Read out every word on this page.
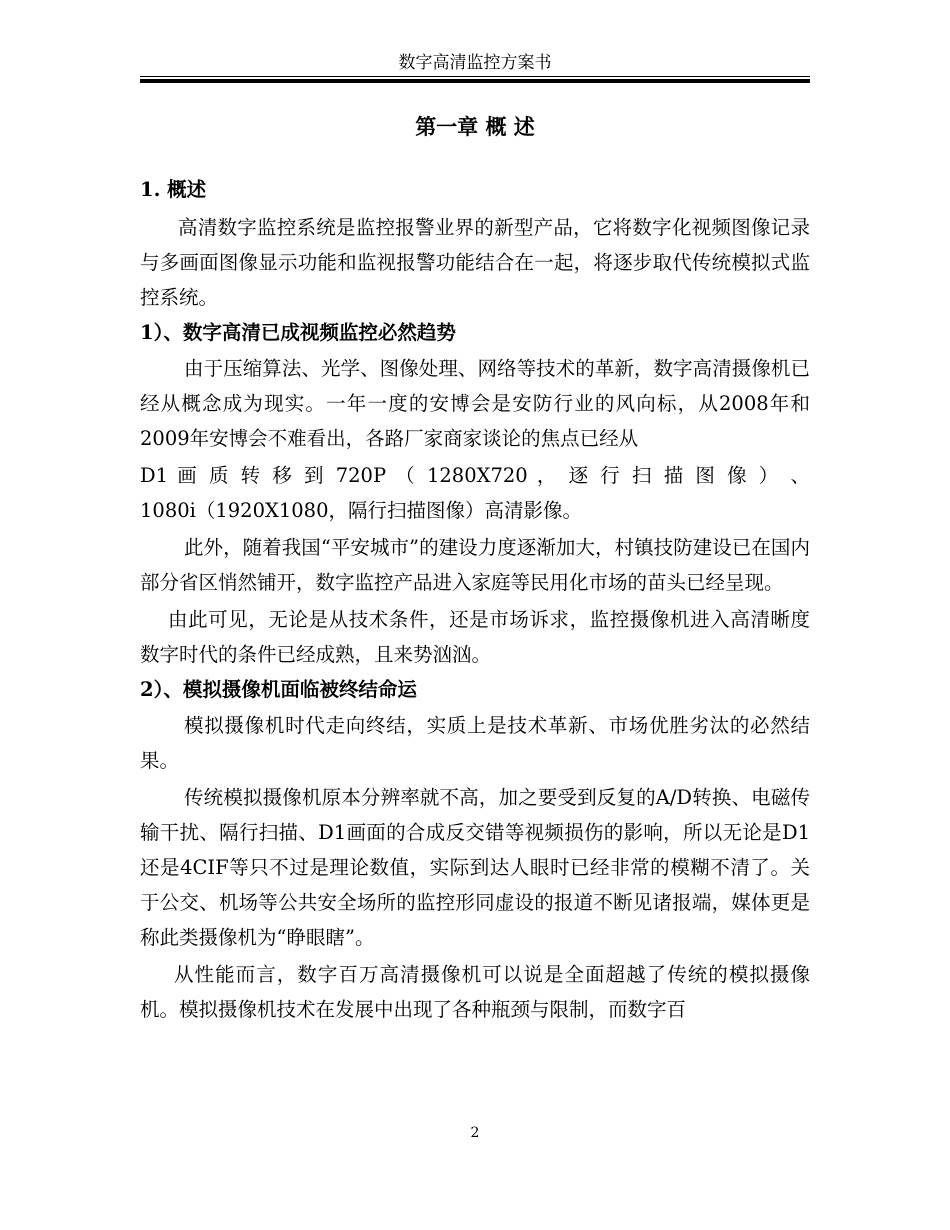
数字高清监控方案书
第一章 概 述

1. 概述

高清数字监控系统是监控报警业界的新型产品，它将数字化视频图像记录与多画面图像显示功能和监视报警功能结合在一起，将逐步取代传统模拟式监控系统。

1）、数字高清已成视频监控必然趋势

由于压缩算法、光学、图像处理、网络等技术的革新，数字高清摄像机已经从概念成为现实。一年一度的安博会是安防行业的风向标，从2008年和2009年安博会不难看出，各路厂家商家谈论的焦点已经从

D1 画 质 转 移 到 720P （ 1280X720 ， 逐 行 扫 描 图 像 ） 、

1080i（1920X1080，隔行扫描图像）高清影像。

此外，随着我国“平安城市”的建设力度逐渐加大，村镇技防建设已在国内部分省区悄然铺开，数字监控产品进入家庭等民用化市场的苗头已经呈现。

由此可见，无论是从技术条件，还是市场诉求，监控摄像机进入高清晰度数字时代的条件已经成熟，且来势汹汹。

2）、模拟摄像机面临被终结命运

模拟摄像机时代走向终结，实质上是技术革新、市场优胜劣汰的必然结果。

传统模拟摄像机原本分辨率就不高，加之要受到反复的A/D转换、电磁传输干扰、隔行扫描、D1画面的合成反交错等视频损伤的影响，所以无论是D1还是4CIF等只不过是理论数值，实际到达人眼时已经非常的模糊不清了。关于公交、机场等公共安全场所的监控形同虚设的报道不断见诸报端，媒体更是称此类摄像机为“睁眼瞎”。

从性能而言，数字百万高清摄像机可以说是全面超越了传统的模拟摄像机。模拟摄像机技术在发展中出现了各种瓶颈与限制，而数字百

2
